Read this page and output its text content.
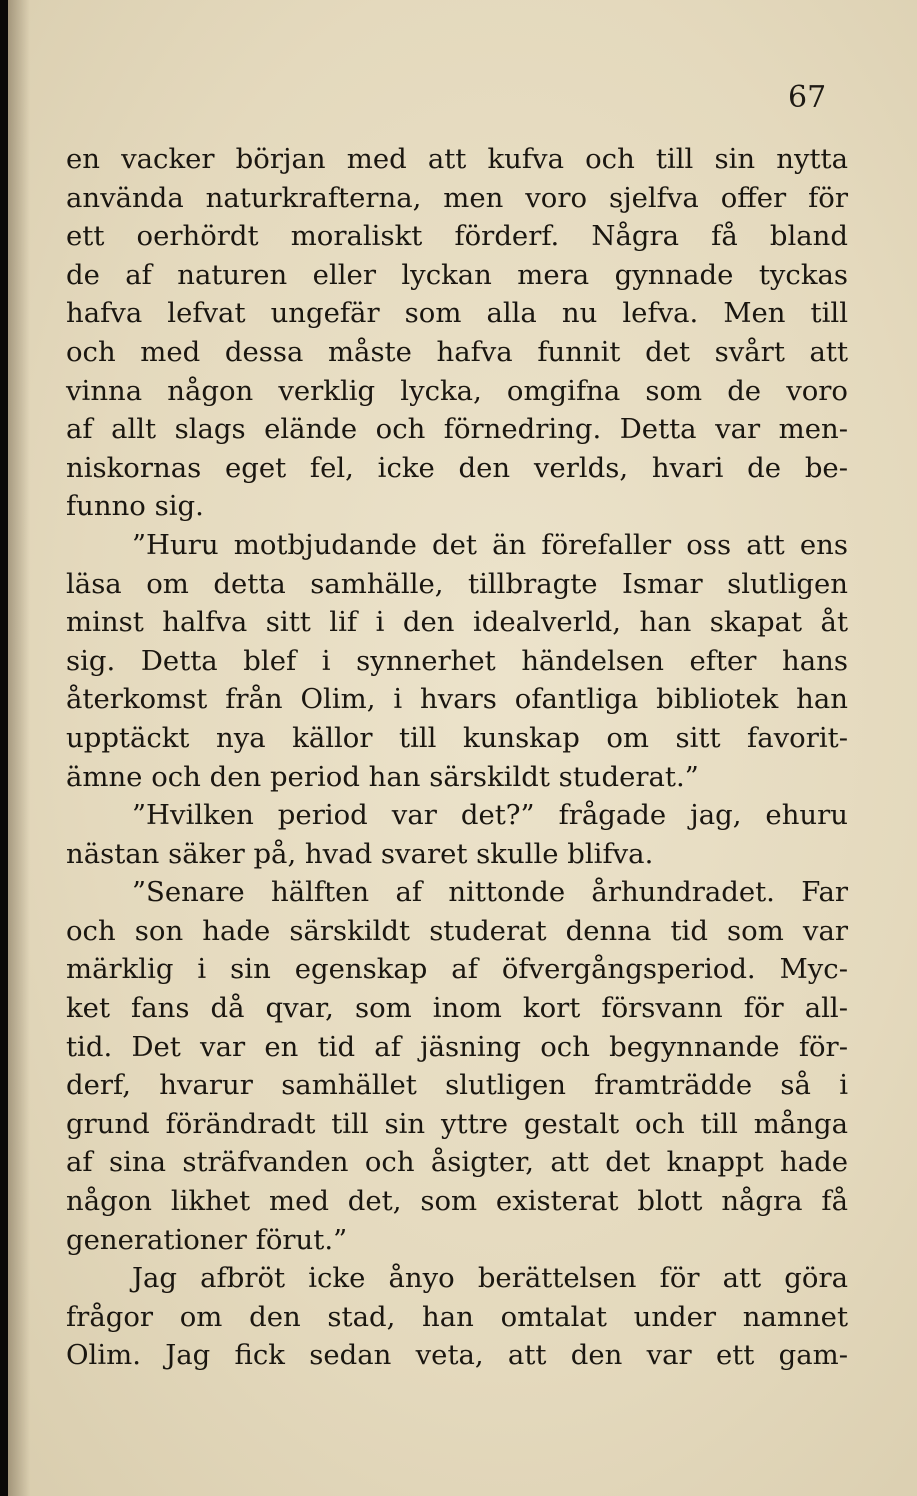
67
en vacker början med att kufva och till sin nytta
använda naturkrafterna, men voro sjelfva offer för
ett oerhördt moraliskt förderf. Några få bland
de af naturen eller lyckan mera gynnade tyckas
hafva lefvat ungefär som alla nu lefva. Men till
och med dessa måste hafva funnit det svårt att
vinna någon verklig lycka, omgifna som de voro
af allt slags elände och förnedring. Detta var men-
niskornas eget fel, icke den verlds, hvari de be-
funno sig.
”Huru motbjudande det än förefaller oss att ens
läsa om detta samhälle, tillbragte Ismar slutligen
minst halfva sitt lif i den idealverld, han skapat åt
sig. Detta blef i synnerhet händelsen efter hans
återkomst från Olim, i hvars ofantliga bibliotek han
upptäckt nya källor till kunskap om sitt favorit-
ämne och den period han särskildt studerat.”
”Hvilken period var det?” frågade jag, ehuru
nästan säker på, hvad svaret skulle blifva.
”Senare hälften af nittonde århundradet. Far
och son hade särskildt studerat denna tid som var
märklig i sin egenskap af öfvergångsperiod. Myc-
ket fans då qvar, som inom kort försvann för all-
tid. Det var en tid af jäsning och begynnande för-
derf, hvarur samhället slutligen framträdde så i
grund förändradt till sin yttre gestalt och till många
af sina sträfvanden och åsigter, att det knappt hade
någon likhet med det, som existerat blott några få
generationer förut.”
Jag afbröt icke ånyo berättelsen för att göra
frågor om den stad, han omtalat under namnet
Olim. Jag fick sedan veta, att den var ett gam-
